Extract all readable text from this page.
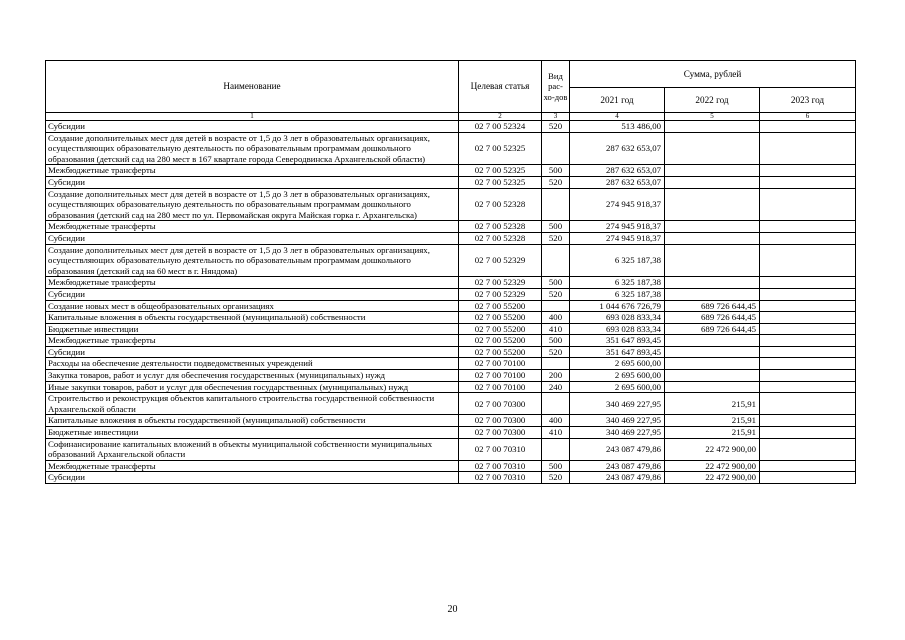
Наименование	Целевая статья	Вид рас-хо-дов	Сумма, рублей		
			2021 год	2022 год	2023 год
1	2	3	4	5	6
Субсидии	02 7 00 52324	520	513 486,00		
Создание дополнительных мест для детей в возрасте от 1,5 до 3 лет в образовательных организациях, осуществляющих образовательную деятельность по образовательным программам дошкольного образования (детский сад на 280 мест в 167 квартале города Северодвинска Архангельской области)	02 7 00 52325		287 632 653,07		
Межбюджетные трансферты	02 7 00 52325	500	287 632 653,07		
Субсидии	02 7 00 52325	520	287 632 653,07		
Создание дополнительных мест для детей в возрасте от 1,5 до 3 лет в образовательных организациях, осуществляющих образовательную деятельность по образовательным программам дошкольного образования (детский сад на 280 мест по ул. Первомайская округа Майская горка г. Архангельска)	02 7 00 52328		274 945 918,37		
Межбюджетные трансферты	02 7 00 52328	500	274 945 918,37		
Субсидии	02 7 00 52328	520	274 945 918,37		
Создание дополнительных мест для детей в возрасте от 1,5 до 3 лет в образовательных организациях, осуществляющих образовательную деятельность по образовательным программам дошкольного образования (детский сад на 60 мест в г. Няндома)	02 7 00 52329		6 325 187,38		
Межбюджетные трансферты	02 7 00 52329	500	6 325 187,38		
Субсидии	02 7 00 52329	520	6 325 187,38		
Создание новых мест в общеобразовательных организациях	02 7 00 55200		1 044 676 726,79	689 726 644,45	
Капитальные вложения в объекты государственной (муниципальной) собственности	02 7 00 55200	400	693 028 833,34	689 726 644,45	
Бюджетные инвестиции	02 7 00 55200	410	693 028 833,34	689 726 644,45	
Межбюджетные трансферты	02 7 00 55200	500	351 647 893,45		
Субсидии	02 7 00 55200	520	351 647 893,45		
Расходы на обеспечение деятельности подведомственных учреждений	02 7 00 70100		2 695 600,00		
Закупка товаров, работ и услуг для обеспечения государственных (муниципальных) нужд	02 7 00 70100	200	2 695 600,00		
Иные закупки товаров, работ и услуг для обеспечения государственных (муниципальных) нужд	02 7 00 70100	240	2 695 600,00		
Строительство и реконструкция объектов капитального строительства государственной собственности Архангельской области	02 7 00 70300		340 469 227,95	215,91	
Капитальные вложения в объекты государственной (муниципальной) собственности	02 7 00 70300	400	340 469 227,95	215,91	
Бюджетные инвестиции	02 7 00 70300	410	340 469 227,95	215,91	
Софинансирование капитальных вложений в объекты муниципальной собственности муниципальных образований Архангельской области	02 7 00 70310		243 087 479,86	22 472 900,00	
Межбюджетные трансферты	02 7 00 70310	500	243 087 479,86	22 472 900,00	
Субсидии	02 7 00 70310	520	243 087 479,86	22 472 900,00	
20
